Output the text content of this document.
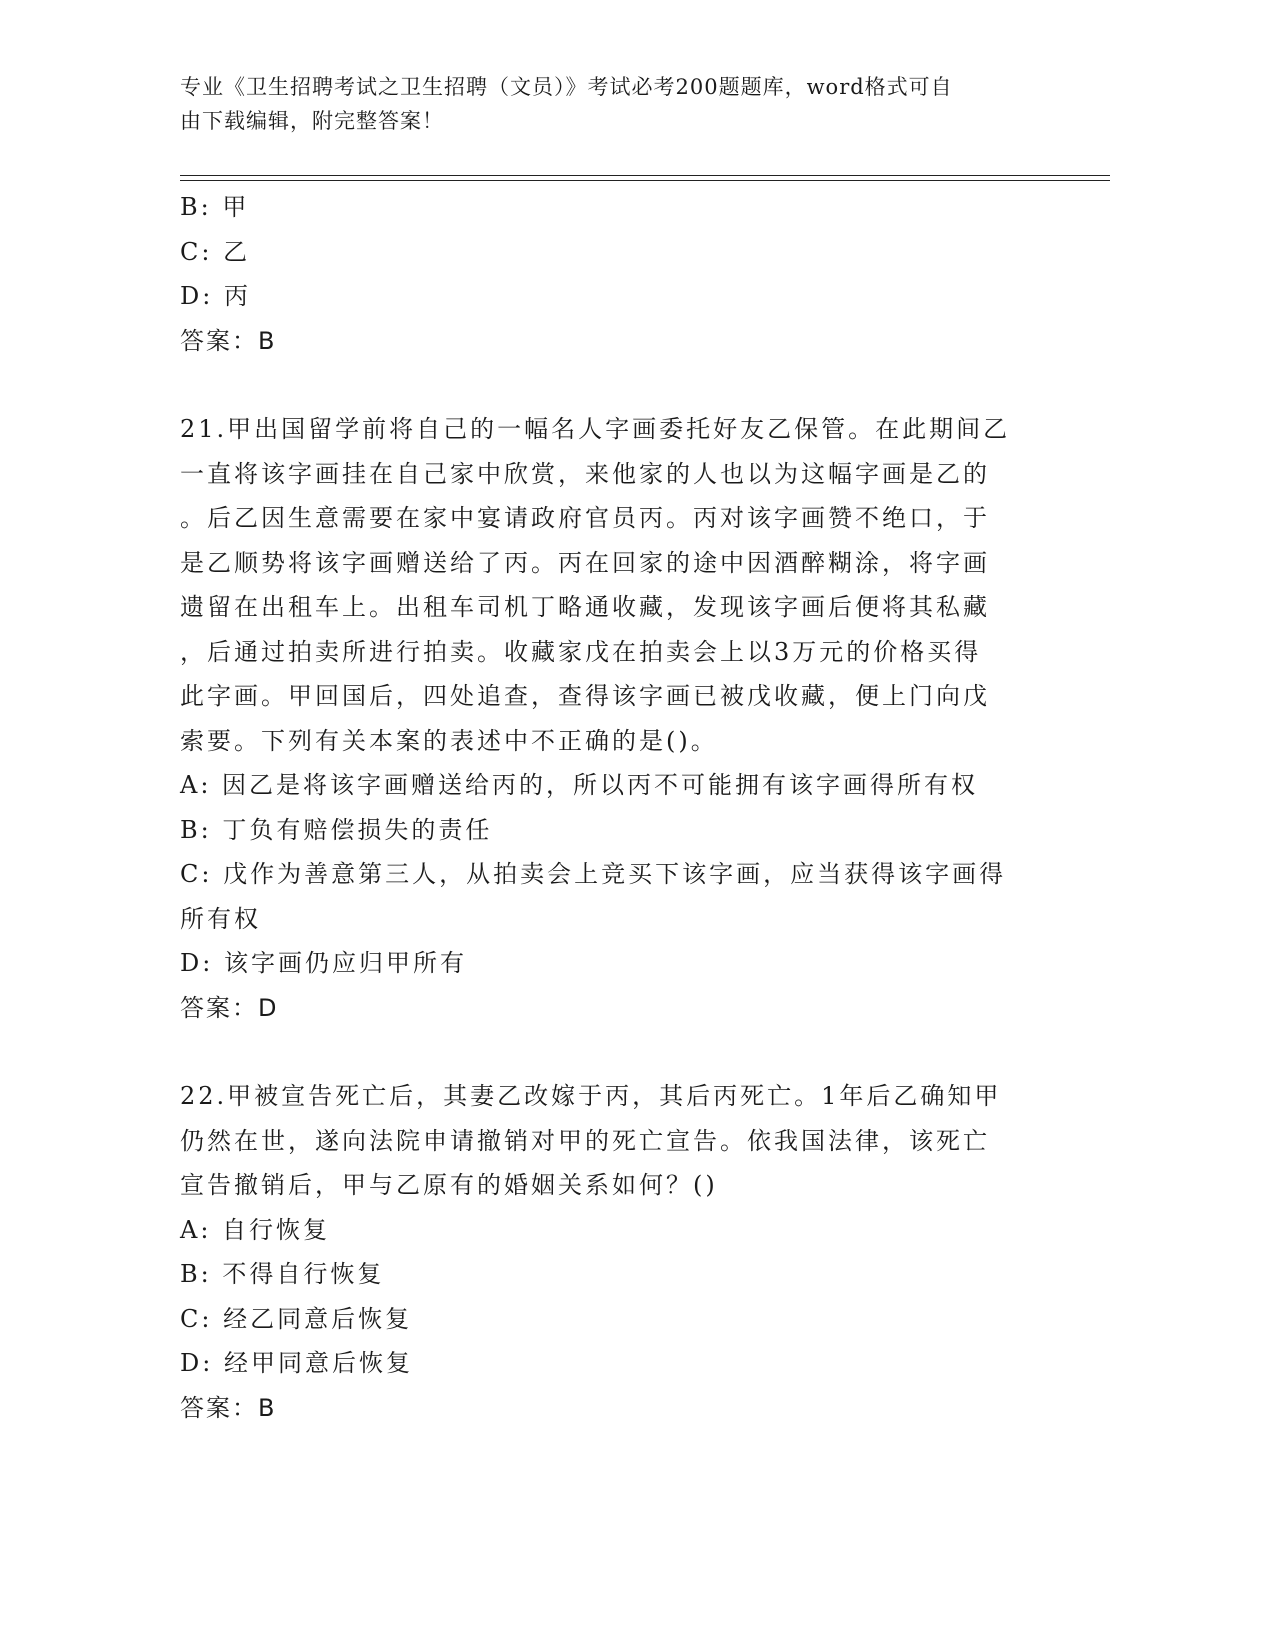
专业《卫生招聘考试之卫生招聘（文员）》考试必考200题题库，word格式可自
由下载编辑，附完整答案！
B: 甲
C: 乙
D: 丙
答案：B
21.甲出国留学前将自己的一幅名人字画委托好友乙保管。在此期间乙
一直将该字画挂在自己家中欣赏，来他家的人也以为这幅字画是乙的
。后乙因生意需要在家中宴请政府官员丙。丙对该字画赞不绝口，于
是乙顺势将该字画赠送给了丙。丙在回家的途中因酒醉糊涂，将字画
遗留在出租车上。出租车司机丁略通收藏，发现该字画后便将其私藏
，后通过拍卖所进行拍卖。收藏家戊在拍卖会上以3万元的价格买得
此字画。甲回国后，四处追查，查得该字画已被戊收藏，便上门向戊
索要。下列有关本案的表述中不正确的是()。
A: 因乙是将该字画赠送给丙的，所以丙不可能拥有该字画得所有权
B: 丁负有赔偿损失的责任
C: 戊作为善意第三人，从拍卖会上竞买下该字画，应当获得该字画得
所有权
D: 该字画仍应归甲所有
答案：D
22.甲被宣告死亡后，其妻乙改嫁于丙，其后丙死亡。1年后乙确知甲
仍然在世，遂向法院申请撤销对甲的死亡宣告。依我国法律，该死亡
宣告撤销后，甲与乙原有的婚姻关系如何？()
A: 自行恢复
B: 不得自行恢复
C: 经乙同意后恢复
D: 经甲同意后恢复
答案：B
